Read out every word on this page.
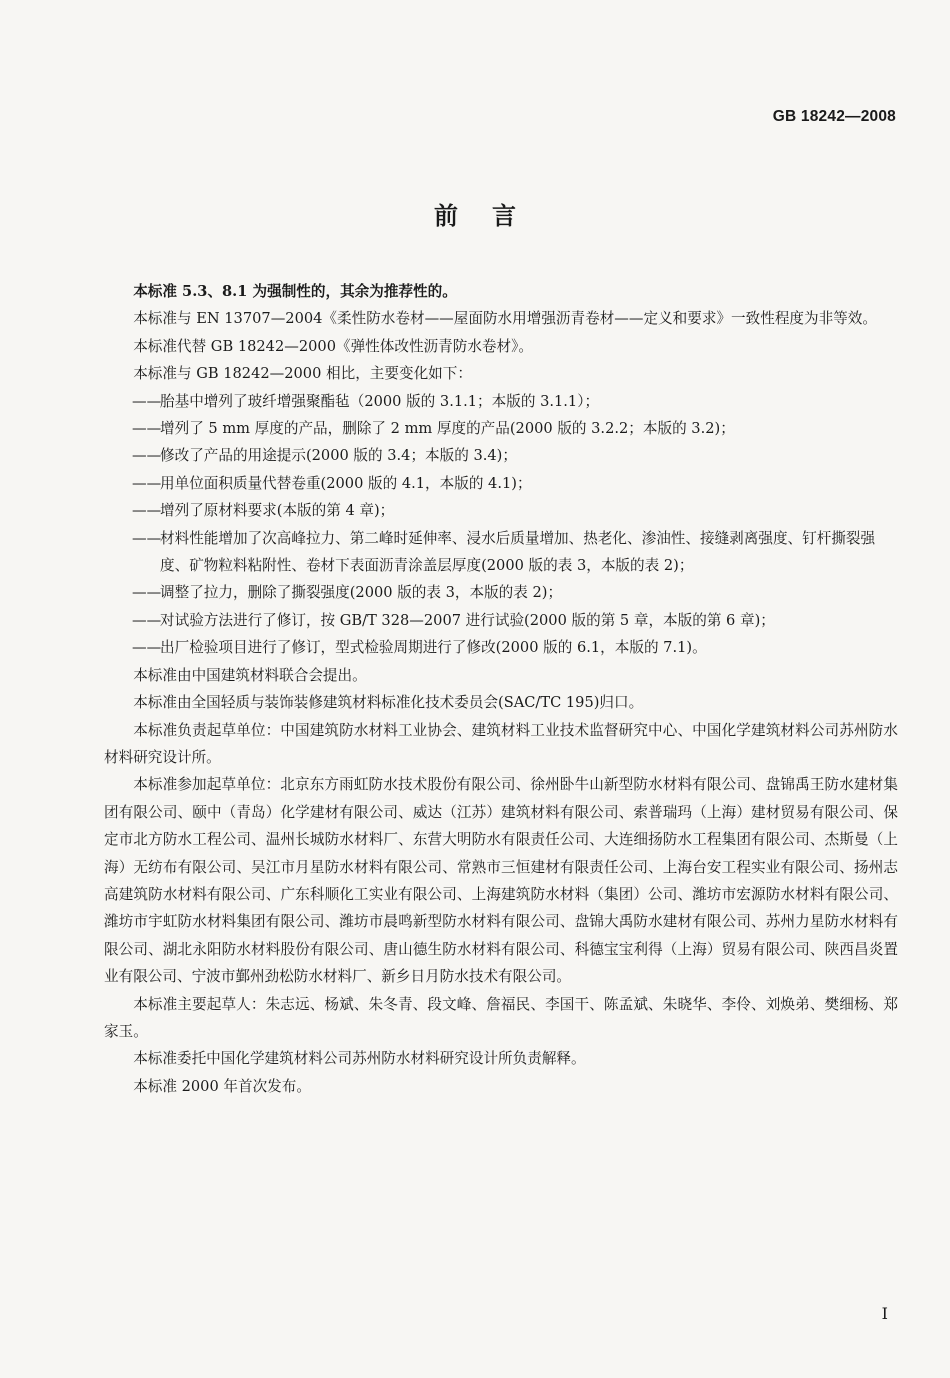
GB 18242—2008
前言

本标准 5.3、8.1 为强制性的，其余为推荐性的。

本标准与 EN 13707—2004《柔性防水卷材——屋面防水用增强沥青卷材——定义和要求》一致性程度为非等效。

本标准代替 GB 18242—2000《弹性体改性沥青防水卷材》。

本标准与 GB 18242—2000 相比，主要变化如下：

——胎基中增列了玻纤增强聚酯毡（2000 版的 3.1.1；本版的 3.1.1）；
——增列了 5 mm 厚度的产品，删除了 2 mm 厚度的产品(2000 版的 3.2.2；本版的 3.2)；
——修改了产品的用途提示(2000 版的 3.4；本版的 3.4)；
——用单位面积质量代替卷重(2000 版的 4.1，本版的 4.1)；
——增列了原材料要求(本版的第 4 章)；
——材料性能增加了次高峰拉力、第二峰时延伸率、浸水后质量增加、热老化、渗油性、接缝剥离强度、钉杆撕裂强度、矿物粒料粘附性、卷材下表面沥青涂盖层厚度(2000 版的表 3，本版的表 2)；
——调整了拉力，删除了撕裂强度(2000 版的表 3，本版的表 2)；
——对试验方法进行了修订，按 GB/T 328—2007 进行试验(2000 版的第 5 章，本版的第 6 章)；
——出厂检验项目进行了修订，型式检验周期进行了修改(2000 版的 6.1，本版的 7.1)。

本标准由中国建筑材料联合会提出。

本标准由全国轻质与装饰装修建筑材料标准化技术委员会(SAC/TC 195)归口。

本标准负责起草单位：中国建筑防水材料工业协会、建筑材料工业技术监督研究中心、中国化学建筑材料公司苏州防水材料研究设计所。

本标准参加起草单位：北京东方雨虹防水技术股份有限公司、徐州卧牛山新型防水材料有限公司、盘锦禹王防水建材集团有限公司、颐中（青岛）化学建材有限公司、威达（江苏）建筑材料有限公司、索普瑞玛（上海）建材贸易有限公司、保定市北方防水工程公司、温州长城防水材料厂、东营大明防水有限责任公司、大连细扬防水工程集团有限公司、杰斯曼（上海）无纺布有限公司、吴江市月星防水材料有限公司、常熟市三恒建材有限责任公司、上海台安工程实业有限公司、扬州志高建筑防水材料有限公司、广东科顺化工实业有限公司、上海建筑防水材料（集团）公司、潍坊市宏源防水材料有限公司、潍坊市宇虹防水材料集团有限公司、潍坊市晨鸣新型防水材料有限公司、盘锦大禹防水建材有限公司、苏州力星防水材料有限公司、湖北永阳防水材料股份有限公司、唐山德生防水材料有限公司、科德宝宝利得（上海）贸易有限公司、陕西昌炎置业有限公司、宁波市鄞州劲松防水材料厂、新乡日月防水技术有限公司。

本标准主要起草人：朱志远、杨斌、朱冬青、段文峰、詹福民、李国干、陈孟斌、朱晓华、李伶、刘焕弟、樊细杨、郑家玉。

本标准委托中国化学建筑材料公司苏州防水材料研究设计所负责解释。

本标准 2000 年首次发布。

I
